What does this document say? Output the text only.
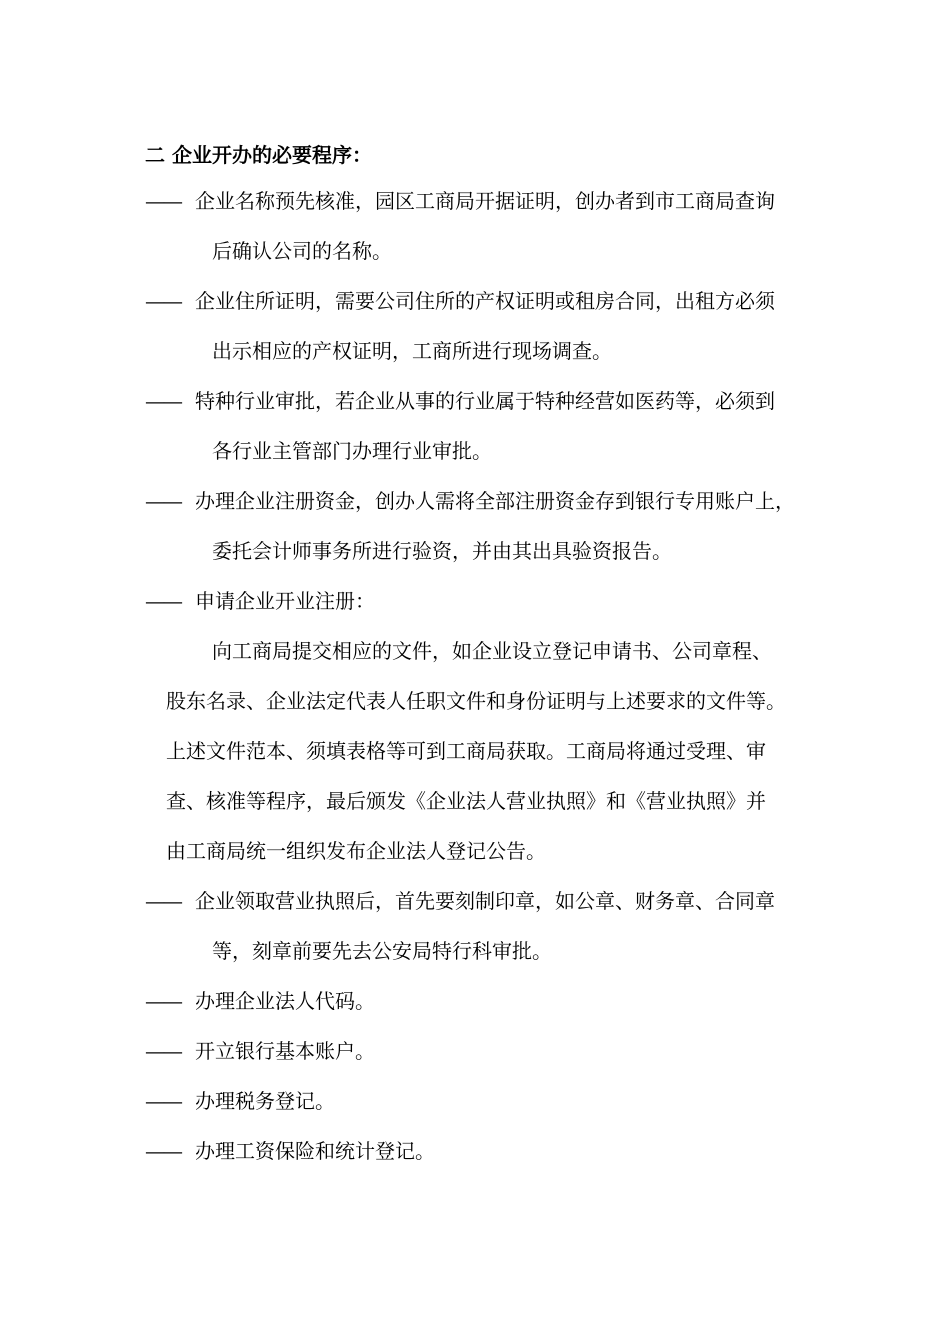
二 企业开办的必要程序：
—— 企业名称预先核准，园区工商局开据证明，创办者到市工商局查询
后确认公司的名称。
—— 企业住所证明，需要公司住所的产权证明或租房合同，出租方必须
出示相应的产权证明，工商所进行现场调查。
—— 特种行业审批，若企业从事的行业属于特种经营如医药等，必须到
各行业主管部门办理行业审批。
—— 办理企业注册资金，创办人需将全部注册资金存到银行专用账户上，
委托会计师事务所进行验资，并由其出具验资报告。
—— 申请企业开业注册：
向工商局提交相应的文件，如企业设立登记申请书、公司章程、
股东名录、企业法定代表人任职文件和身份证明与上述要求的文件等。
上述文件范本、须填表格等可到工商局获取。工商局将通过受理、审
查、核准等程序，最后颁发《企业法人营业执照》和《营业执照》并
由工商局统一组织发布企业法人登记公告。
—— 企业领取营业执照后，首先要刻制印章，如公章、财务章、合同章
等，刻章前要先去公安局特行科审批。
—— 办理企业法人代码。
—— 开立银行基本账户。
—— 办理税务登记。
—— 办理工资保险和统计登记。
